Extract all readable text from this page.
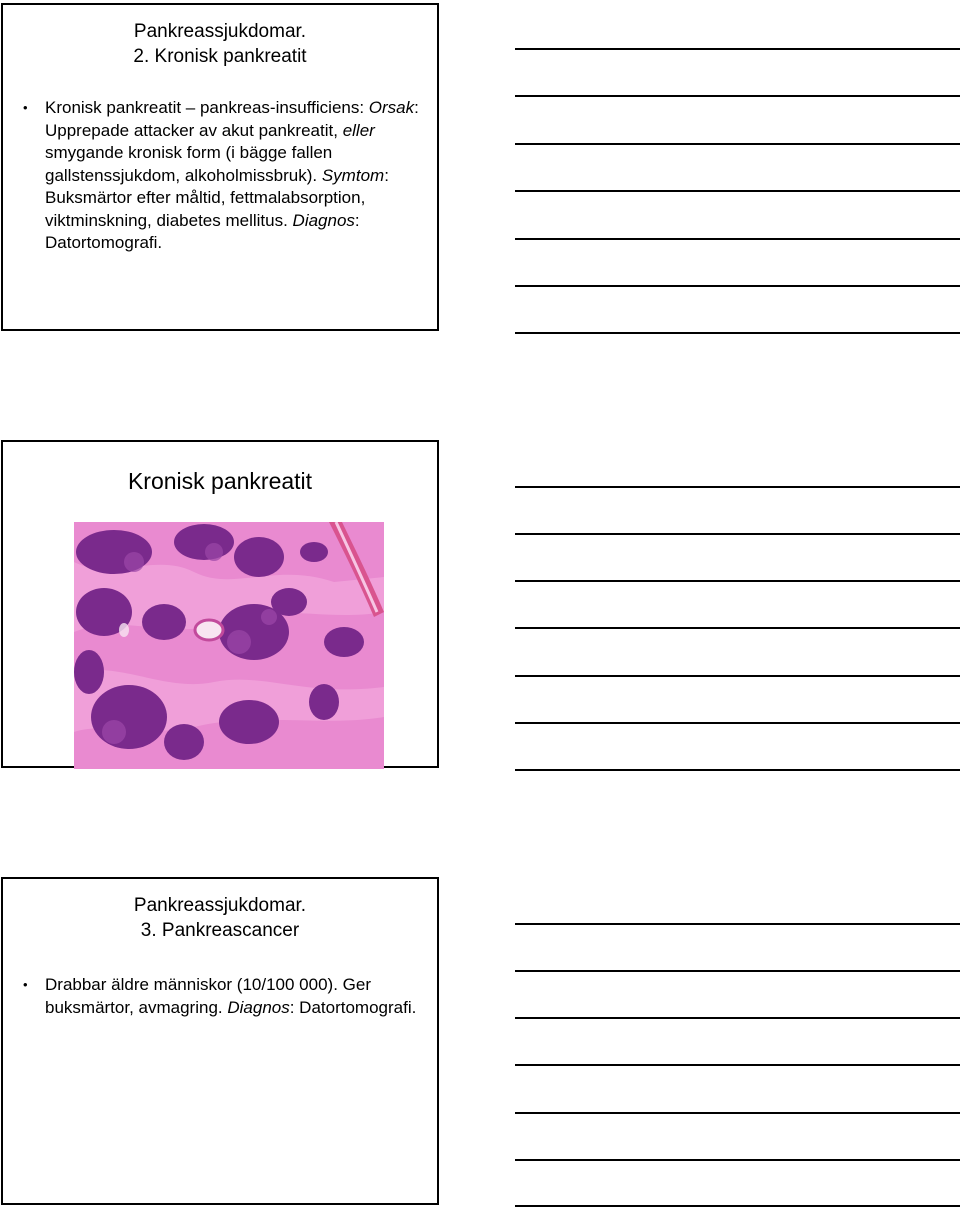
Pankreassjukdomar.
2. Kronisk pankreatit
• Kronisk pankreatit – pankreas-insufficiens: Orsak: Upprepade attacker av akut pankreatit, eller smygande kronisk form (i bägge fallen gallstenssjukdom, alkoholmissbruk). Symtom: Buksmärtor efter måltid, fettmalabsorption, viktminskning, diabetes mellitus. Diagnos: Datortomografi.

Kronisk pankreatit
Pankreassjukdomar.
3. Pankreascancer
• Drabbar äldre människor (10/100 000). Ger buksmärtor, avmagring. Diagnos: Datortomografi.
